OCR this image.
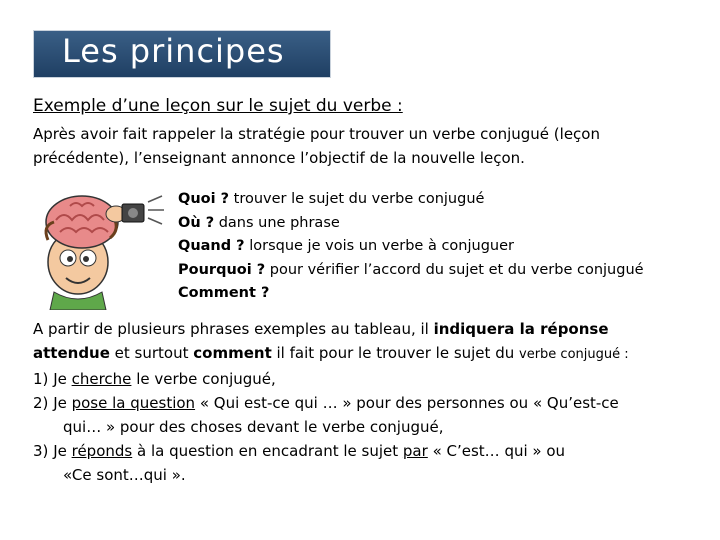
Les principes
Exemple d’une leçon sur le sujet du verbe :
Après avoir fait rappeler la stratégie pour trouver un verbe conjugué (leçon précédente), l’enseignant annonce l’objectif de la nouvelle leçon.
Quoi ? trouver le sujet du verbe conjugué
Où ? dans une phrase
Quand ? lorsque je vois un verbe à conjuguer
Pourquoi ? pour vérifier l’accord du sujet et du verbe conjugué
Comment ?
A partir de plusieurs phrases exemples au tableau, il indiquera la réponse
attendue et surtout comment il fait pour le trouver le sujet du verbe conjugué :
1) Je cherche le verbe conjugué,
2) Je pose la question « Qui est-ce qui … » pour des personnes ou « Qu’est-ce
qui… » pour des choses devant le verbe conjugué,
3) Je réponds à la question en encadrant le sujet par « C’est… qui » ou
«Ce sont…qui ».
